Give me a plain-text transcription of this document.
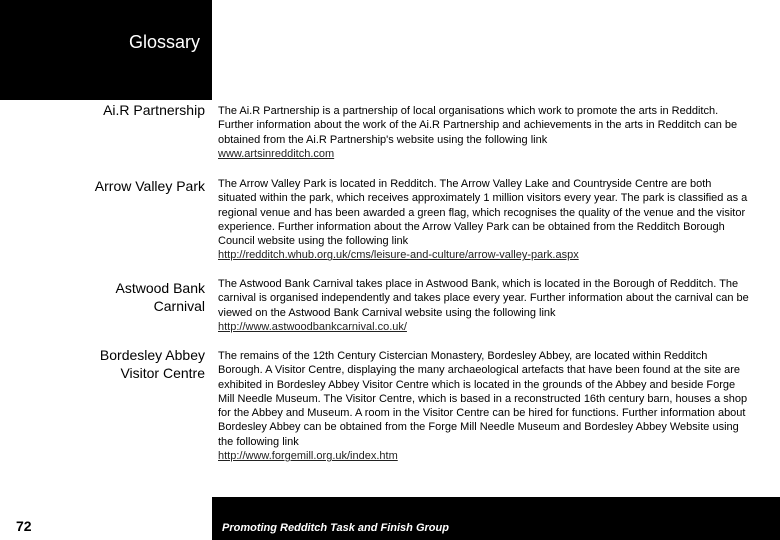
Glossary
Ai.R Partnership The Ai.R Partnership is a partnership of local organisations which work to promote the arts in Redditch. Further information about the work of the Ai.R Partnership and achievements in the arts in Redditch can be obtained from the Ai.R Partnership's website using the following link
www.artsinredditch.com
Arrow Valley Park The Arrow Valley Park is located in Redditch. The Arrow Valley Lake and Countryside Centre are both situated within the park, which receives approximately 1 million visitors every year. The park is classified as a regional venue and has been awarded a green flag, which recognises the quality of the venue and the visitor experience. Further information about the Arrow Valley Park can be obtained from the Redditch Borough Council website using the following link
http://redditch.whub.org.uk/cms/leisure-and-culture/arrow-valley-park.aspx
Astwood Bank
Carnival
The Astwood Bank Carnival takes place in Astwood Bank, which is located in the Borough of Redditch. The carnival is organised independently and takes place every year. Further information about the carnival can be viewed on the Astwood Bank Carnival website using the following link
http://www.astwoodbankcarnival.co.uk/
Bordesley Abbey
Visitor Centre
The remains of the 12th Century Cistercian Monastery, Bordesley Abbey, are located within Redditch Borough. A Visitor Centre, displaying the many archaeological artefacts that have been found at the site are exhibited in Bordesley Abbey Visitor Centre which is located in the grounds of the Abbey and beside Forge Mill Needle Museum. The Visitor Centre, which is based in a reconstructed 16th century barn, houses a shop for the Abbey and Museum. A room in the Visitor Centre can be hired for functions. Further information about Bordesley Abbey can be obtained from the Forge Mill Needle Museum and Bordesley Abbey Website using the following link
http://www.forgemill.org.uk/index.htm
72	Promoting Redditch Task and Finish Group
